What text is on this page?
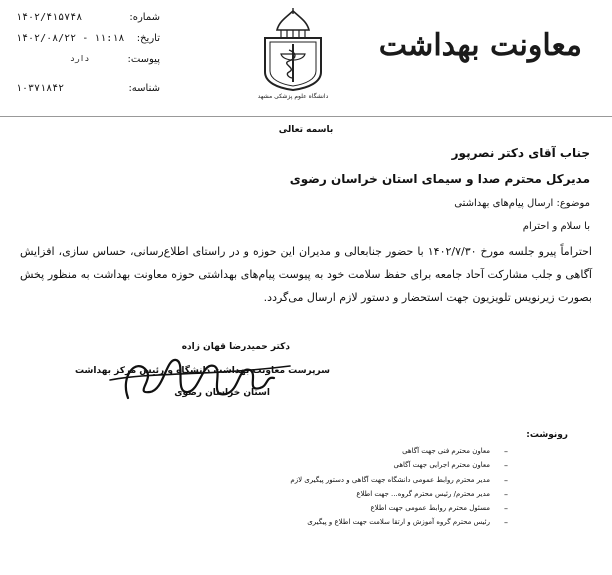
۱۴۰۲/۴۱۵۷۴۸	شماره:
۱۴۰۲/۰۸/۲۲ - ۱۱:۱۸ تاریخ:
دارد	پیوست:
۱۰۳۷۱۸۴۲	شناسه:
دانشگاه علوم پزشکی مشهد
معاونت بهداشت
باسمه تعالی
جناب آقای دکتر نصرپور
مدیرکل محترم صدا و سیمای استان خراسان رضوی
موضوع: ارسال پیام‌های بهداشتی
با سلام و احترام
احتراماً پیرو جلسه مورخ ۱۴۰۲/۷/۳۰ با حضور جنابعالی و مدیران این حوزه و در راستای اطلاع‌رسانی، حساس سازی، افزایش آگاهی و جلب مشارکت آحاد جامعه برای حفظ سلامت خود به پیوست پیام‌های بهداشتی حوزه معاونت بهداشت به منظور پخش بصورت زیرنویس تلویزیون جهت استحضار و دستور لازم ارسال می‌گردد.
دکتر حمیدرضا قهان زاده
سرپرست معاونت بهداشت دانشگاه و رئیس مرکز بهداشت
استان خراسان رضوی
رونوشت:
–
معاون محترم فنی جهت آگاهی
–
معاون محترم اجرایی جهت آگاهی
–
مدیر محترم روابط عمومی دانشگاه جهت آگاهی و دستور پیگیری لازم
–
مدیر محترم/ رئیس محترم گروه... جهت اطلاع
–
مسئول محترم روابط عمومی جهت اطلاع
–
رئیس محترم گروه آموزش و ارتقا سلامت جهت اطلاع و پیگیری
